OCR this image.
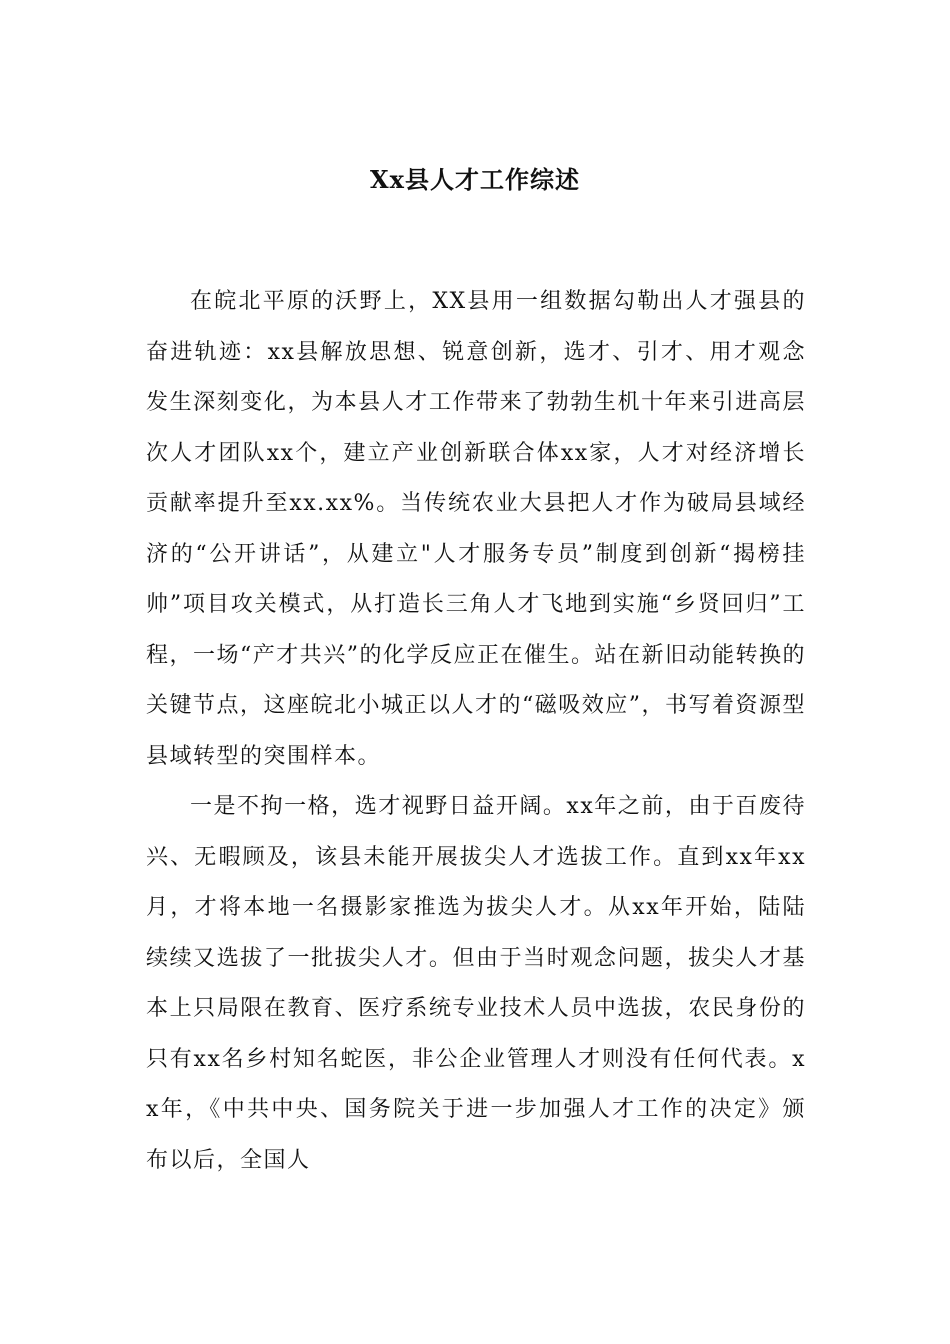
Xx县人才工作综述

在皖北平原的沃野上，XX县用一组数据勾勒出人才强县的奋进轨迹：xx县解放思想、锐意创新，选才、引才、用才观念发生深刻变化，为本县人才工作带来了勃勃生机十年来引进高层次人才团队xx个，建立产业创新联合体xx家，人才对经济增长贡献率提升至xx.xx%。当传统农业大县把人才作为破局县域经济的“公开讲话”，从建立"人才服务专员”制度到创新“揭榜挂帅”项目攻关模式，从打造长三角人才飞地到实施“乡贤回归”工程，一场“产才共兴”的化学反应正在催生。站在新旧动能转换的关键节点，这座皖北小城正以人才的“磁吸效应”，书写着资源型县域转型的突围样本。

一是不拘一格，选才视野日益开阔。xx年之前，由于百废待兴、无暇顾及，该县未能开展拔尖人才选拔工作。直到xx年xx月，才将本地一名摄影家推选为拔尖人才。从xx年开始，陆陆续续又选拔了一批拔尖人才。但由于当时观念问题，拔尖人才基本上只局限在教育、医疗系统专业技术人员中选拔，农民身份的只有xx名乡村知名蛇医，非公企业管理人才则没有任何代表。xx年，《中共中央、国务院关于进一步加强人才工作的决定》颁布以后，全国人
